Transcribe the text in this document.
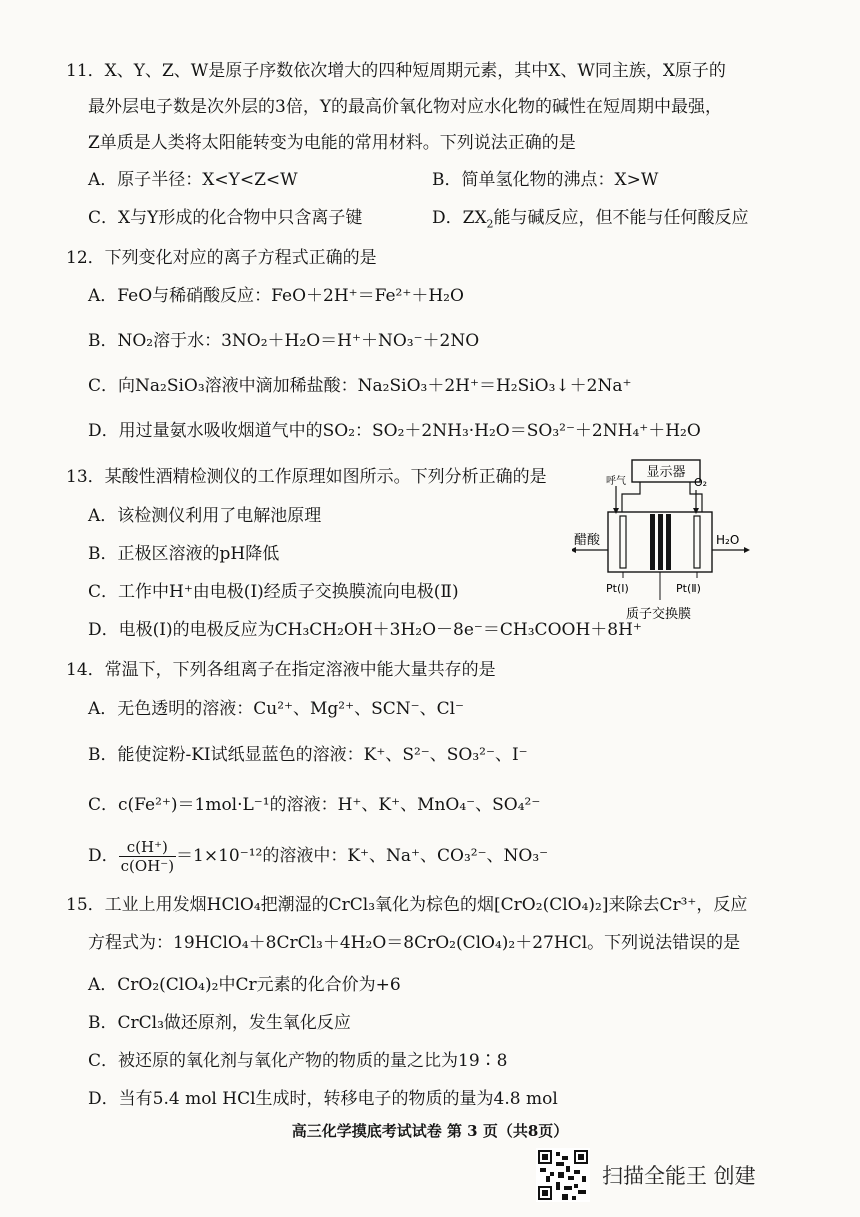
11．X、Y、Z、W是原子序数依次增大的四种短周期元素，其中X、W同主族，X原子的
最外层电子数是次外层的3倍，Y的最高价氧化物对应水化物的碱性在短周期中最强，
Z单质是人类将太阳能转变为电能的常用材料。下列说法正确的是
A．原子半径：X<Y<Z<W	B．简单氢化物的沸点：X>W
C．X与Y形成的化合物中只含离子键	D．$ZX_2$能与碱反应，但不能与任何酸反应
12．下列变化对应的离子方程式正确的是
A．FeO与稀硝酸反应：FeO＋2H⁺＝Fe²⁺＋H₂O
B．NO₂溶于水：3NO₂＋H₂O＝H⁺＋NO₃⁻＋2NO
C．向Na₂SiO₃溶液中滴加稀盐酸：Na₂SiO₃＋2H⁺＝H₂SiO₃↓＋2Na⁺
D．用过量氨水吸收烟道气中的SO₂：SO₂＋2NH₃·H₂O＝SO₃²⁻＋2NH₄⁺＋H₂O
13．某酸性酒精检测仪的工作原理如图所示。下列分析正确的是
A．该检测仪利用了电解池原理
B．正极区溶液的pH降低
C．工作中H⁺由电极(I)经质子交换膜流向电极(Ⅱ)
D．电极(I)的电极反应为CH₃CH₂OH＋3H₂O－8e⁻＝CH₃COOH＋8H⁺
显示器
呼气	O₂
醋酸	H₂O
Pt(Ⅰ)	Pt(Ⅱ)
质子交换膜
14．常温下，下列各组离子在指定溶液中能大量共存的是
A．无色透明的溶液：Cu²⁺、Mg²⁺、SCN⁻、Cl⁻
B．能使淀粉-KI试纸显蓝色的溶液：K⁺、S²⁻、SO₃²⁻、I⁻
C．c(Fe²⁺)＝1mol·L⁻¹的溶液：H⁺、K⁺、MnO₄⁻、SO₄²⁻
D． $\frac{c(H^+)}{c(OH^-)} =1\times 10^{-12}$的溶液中：K⁺、Na⁺、CO₃²⁻、NO₃⁻
15．工业上用发烟HClO₄把潮湿的CrCl₃氧化为棕色的烟[CrO₂(ClO₄)₂]来除去Cr³⁺，反应
方程式为：19HClO₄＋8CrCl₃＋4H₂O＝8CrO₂(ClO₄)₂＋27HCl。下列说法错误的是
A．CrO₂(ClO₄)₂中Cr元素的化合价为+6
B．CrCl₃做还原剂，发生氧化反应
C．被还原的氧化剂与氧化产物的物质的量之比为19∶8
D．当有5.4 mol HCl生成时，转移电子的物质的量为4.8 mol
高三化学摸底考试试卷 第 3 页（共8页）
扫描全能王 创建
